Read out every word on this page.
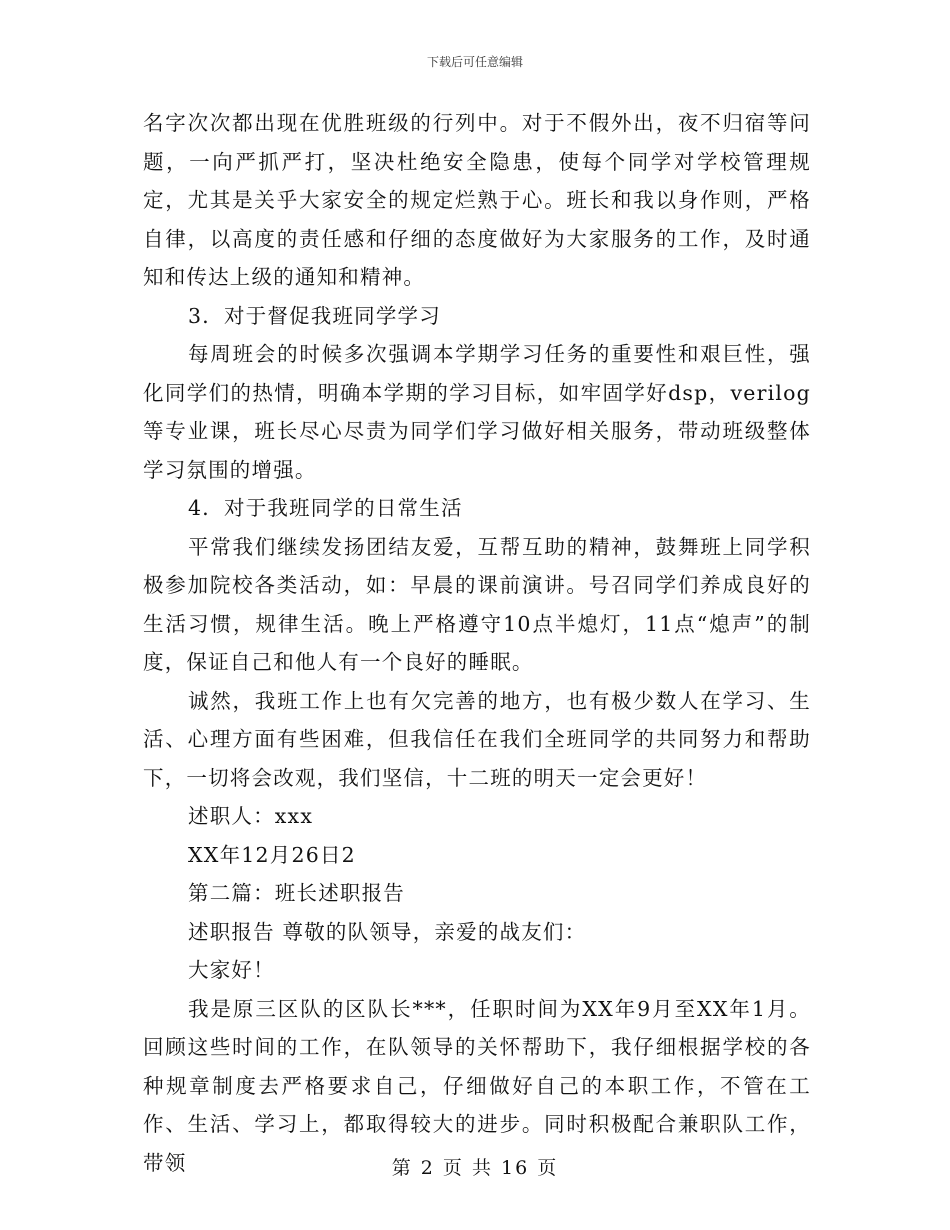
下载后可任意编辑

名字次次都出现在优胜班级的行列中。对于不假外出，夜不归宿等问题，一向严抓严打，坚决杜绝安全隐患，使每个同学对学校管理规定，尤其是关乎大家安全的规定烂熟于心。班长和我以身作则，严格自律，以高度的责任感和仔细的态度做好为大家服务的工作，及时通知和传达上级的通知和精神。

3．对于督促我班同学学习

每周班会的时候多次强调本学期学习任务的重要性和艰巨性，强化同学们的热情，明确本学期的学习目标，如牢固学好dsp，verilog等专业课，班长尽心尽责为同学们学习做好相关服务，带动班级整体学习氛围的增强。

4．对于我班同学的日常生活

平常我们继续发扬团结友爱，互帮互助的精神，鼓舞班上同学积极参加院校各类活动，如：早晨的课前演讲。号召同学们养成良好的生活习惯，规律生活。晚上严格遵守10点半熄灯，11点“熄声”的制度，保证自己和他人有一个良好的睡眠。

诚然，我班工作上也有欠完善的地方，也有极少数人在学习、生活、心理方面有些困难，但我信任在我们全班同学的共同努力和帮助下，一切将会改观，我们坚信，十二班的明天一定会更好！

述职人：xxx

XX年12月26日2

第二篇：班长述职报告

述职报告 尊敬的队领导，亲爱的战友们：

大家好！

我是原三区队的区队长***，任职时间为XX年9月至XX年1月。回顾这些时间的工作，在队领导的关怀帮助下，我仔细根据学校的各种规章制度去严格要求自己，仔细做好自己的本职工作，不管在工作、生活、学习上，都取得较大的进步。同时积极配合兼职队工作，带领	第 2 页 共 16 页
